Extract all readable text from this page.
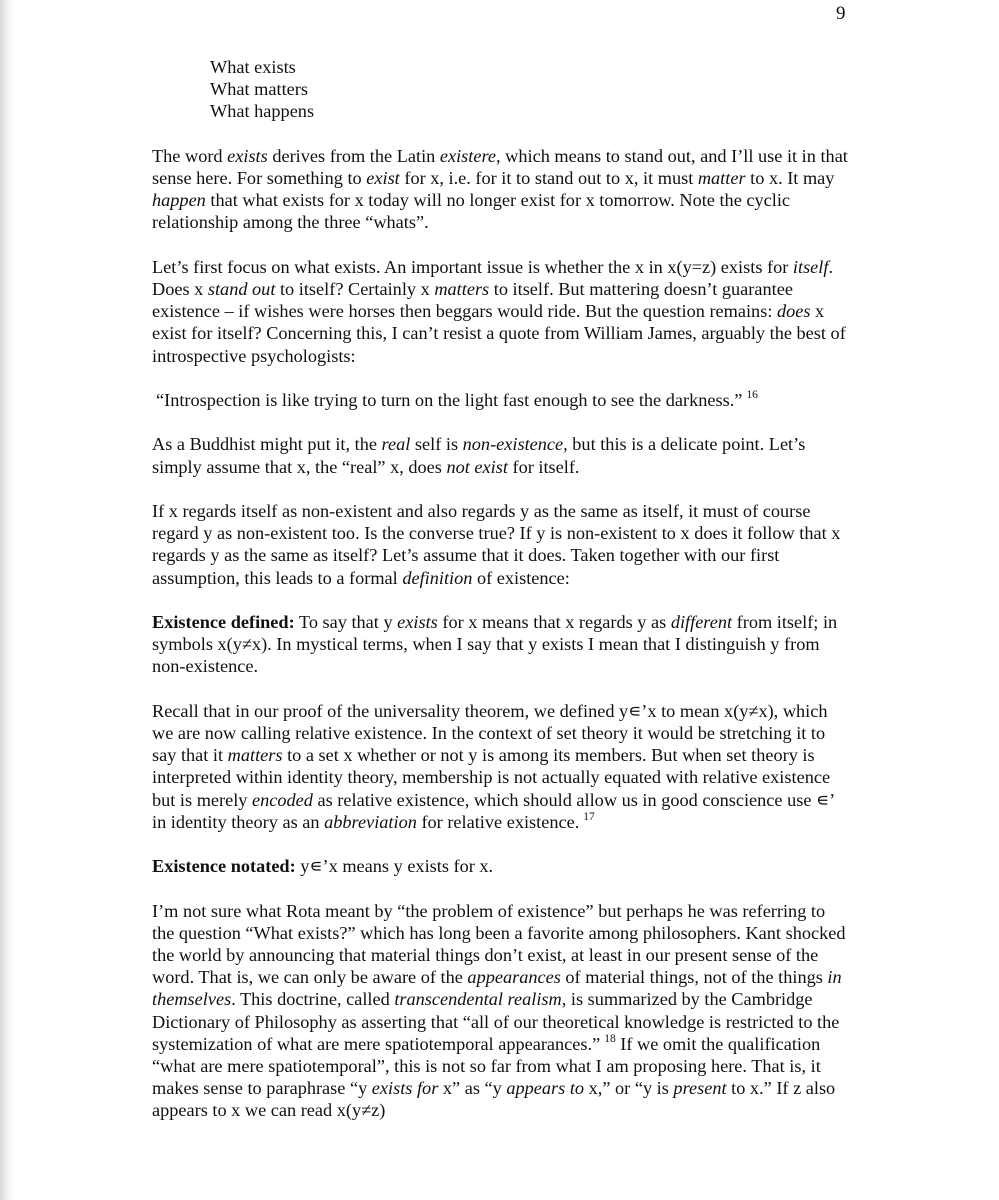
9

What exists
What matters
What happens

The word exists derives from the Latin existere, which means to stand out, and I’ll use it in that sense here. For something to exist for x, i.e. for it to stand out to x, it must matter to x. It may happen that what exists for x today will no longer exist for x tomorrow. Note the cyclic relationship among the three “whats”.

Let’s first focus on what exists. An important issue is whether the x in x(y=z) exists for itself. Does x stand out to itself? Certainly x matters to itself. But mattering doesn’t guarantee existence – if wishes were horses then beggars would ride. But the question remains: does x exist for itself? Concerning this, I can’t resist a quote from William James, arguably the best of introspective psychologists:

“Introspection is like trying to turn on the light fast enough to see the darkness.” $^{16}$

As a Buddhist might put it, the real self is non-existence, but this is a delicate point. Let’s simply assume that x, the “real” x, does not exist for itself.

If x regards itself as non-existent and also regards y as the same as itself, it must of course regard y as non-existent too. Is the converse true? If y is non-existent to x does it follow that x regards y as the same as itself? Let’s assume that it does. Taken together with our first assumption, this leads to a formal definition of existence:

Existence defined: To say that y exists for x means that x regards y as different from itself; in symbols x(y≠x). In mystical terms, when I say that y exists I mean that I distinguish y from non-existence.

Recall that in our proof of the universality theorem, we defined y∊’x to mean x(y≠x), which we are now calling relative existence. In the context of set theory it would be stretching it to say that it matters to a set x whether or not y is among its members. But when set theory is interpreted within identity theory, membership is not actually equated with relative existence but is merely encoded as relative existence, which should allow us in good conscience use ∊’ in identity theory as an abbreviation for relative existence. $^{17}$

Existence notated: y∊’x means y exists for x.

I’m not sure what Rota meant by “the problem of existence” but perhaps he was referring to the question “What exists?” which has long been a favorite among philosophers. Kant shocked the world by announcing that material things don’t exist, at least in our present sense of the word. That is, we can only be aware of the appearances of material things, not of the things in themselves. This doctrine, called transcendental realism, is summarized by the Cambridge Dictionary of Philosophy as asserting that “all of our theoretical knowledge is restricted to the systemization of what are mere spatiotemporal appearances.” $^{18}$ If we omit the qualification “what are mere spatiotemporal”, this is not so far from what I am proposing here. That is, it makes sense to paraphrase “y exists for x” as “y appears to x,” or “y is present to x.” If z also appears to x we can read x(y≠z)
